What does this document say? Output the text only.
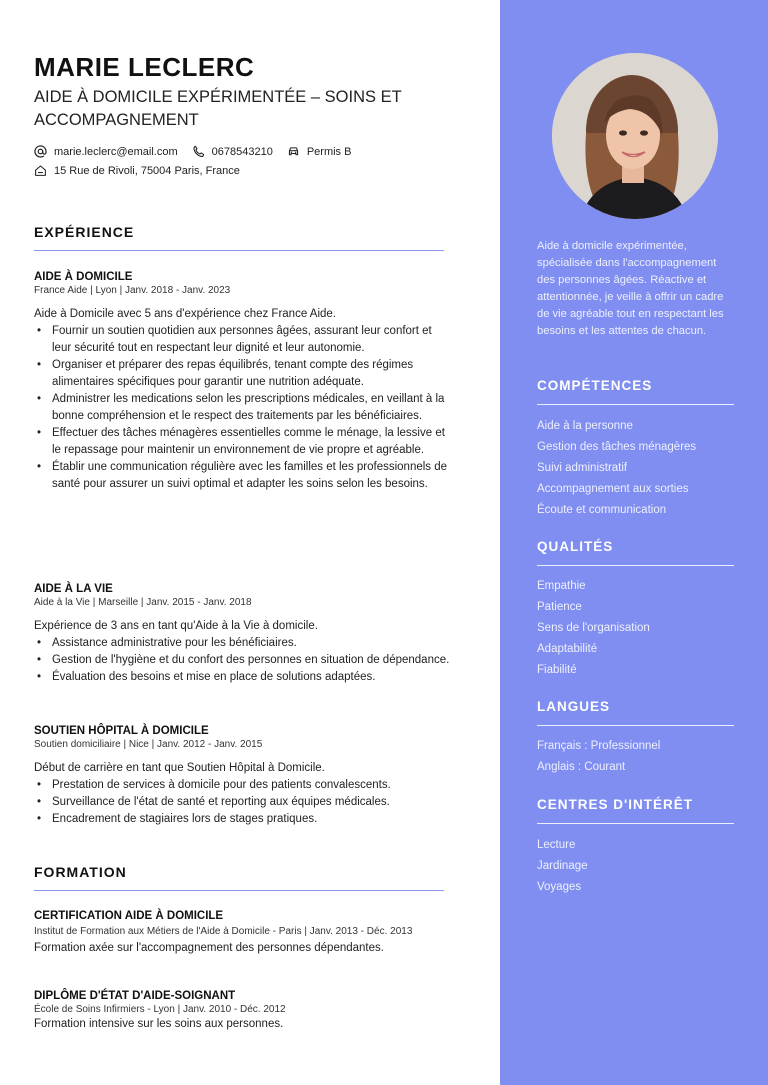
MARIE LECLERC
AIDE À DOMICILE EXPÉRIMENTÉE – SOINS ET ACCOMPAGNEMENT
marie.leclerc@email.com	0678543210	Permis B
15 Rue de Rivoli, 75004 Paris, France
EXPÉRIENCE
AIDE À DOMICILE
France Aide | Lyon | Janv. 2018 - Janv. 2023
Aide à Domicile avec 5 ans d'expérience chez France Aide.
• Fournir un soutien quotidien aux personnes âgées, assurant leur confort et leur sécurité tout en respectant leur dignité et leur autonomie.
• Organiser et préparer des repas équilibrés, tenant compte des régimes alimentaires spécifiques pour garantir une nutrition adéquate.
• Administrer les medications selon les prescriptions médicales, en veillant à la bonne compréhension et le respect des traitements par les bénéficiaires.
• Effectuer des tâches ménagères essentielles comme le ménage, la lessive et le repassage pour maintenir un environnement de vie propre et agréable.
• Établir une communication régulière avec les familles et les professionnels de santé pour assurer un suivi optimal et adapter les soins selon les besoins.
AIDE À LA VIE
Aide à la Vie | Marseille | Janv. 2015 - Janv. 2018
Expérience de 3 ans en tant qu'Aide à la Vie à domicile.
• Assistance administrative pour les bénéficiaires.
• Gestion de l'hygiène et du confort des personnes en situation de dépendance.
• Évaluation des besoins et mise en place de solutions adaptées.
SOUTIEN HÔPITAL À DOMICILE
Soutien domiciliaire | Nice | Janv. 2012 - Janv. 2015
Début de carrière en tant que Soutien Hôpital à Domicile.
• Prestation de services à domicile pour des patients convalescents.
• Surveillance de l'état de santé et reporting aux équipes médicales.
• Encadrement de stagiaires lors de stages pratiques.
FORMATION
CERTIFICATION AIDE À DOMICILE
Institut de Formation aux Métiers de l'Aide à Domicile - Paris | Janv. 2013 - Déc. 2013
Formation axée sur l'accompagnement des personnes dépendantes.
DIPLÔME D'ÉTAT D'AIDE-SOIGNANT
École de Soins Infirmiers - Lyon | Janv. 2010 - Déc. 2012
Formation intensive sur les soins aux personnes.
Aide à domicile expérimentée, spécialisée dans l'accompagnement des personnes âgées. Réactive et attentionnée, je veille à offrir un cadre de vie agréable tout en respectant les besoins et les attentes de chacun.
COMPÉTENCES
Aide à la personne
Gestion des tâches ménagères
Suivi administratif
Accompagnement aux sorties
Écoute et communication
QUALITÉS
Empathie
Patience
Sens de l'organisation
Adaptabilité
Fiabilité
LANGUES
Français : Professionnel
Anglais : Courant
CENTRES D'INTÉRÊT
Lecture
Jardinage
Voyages
